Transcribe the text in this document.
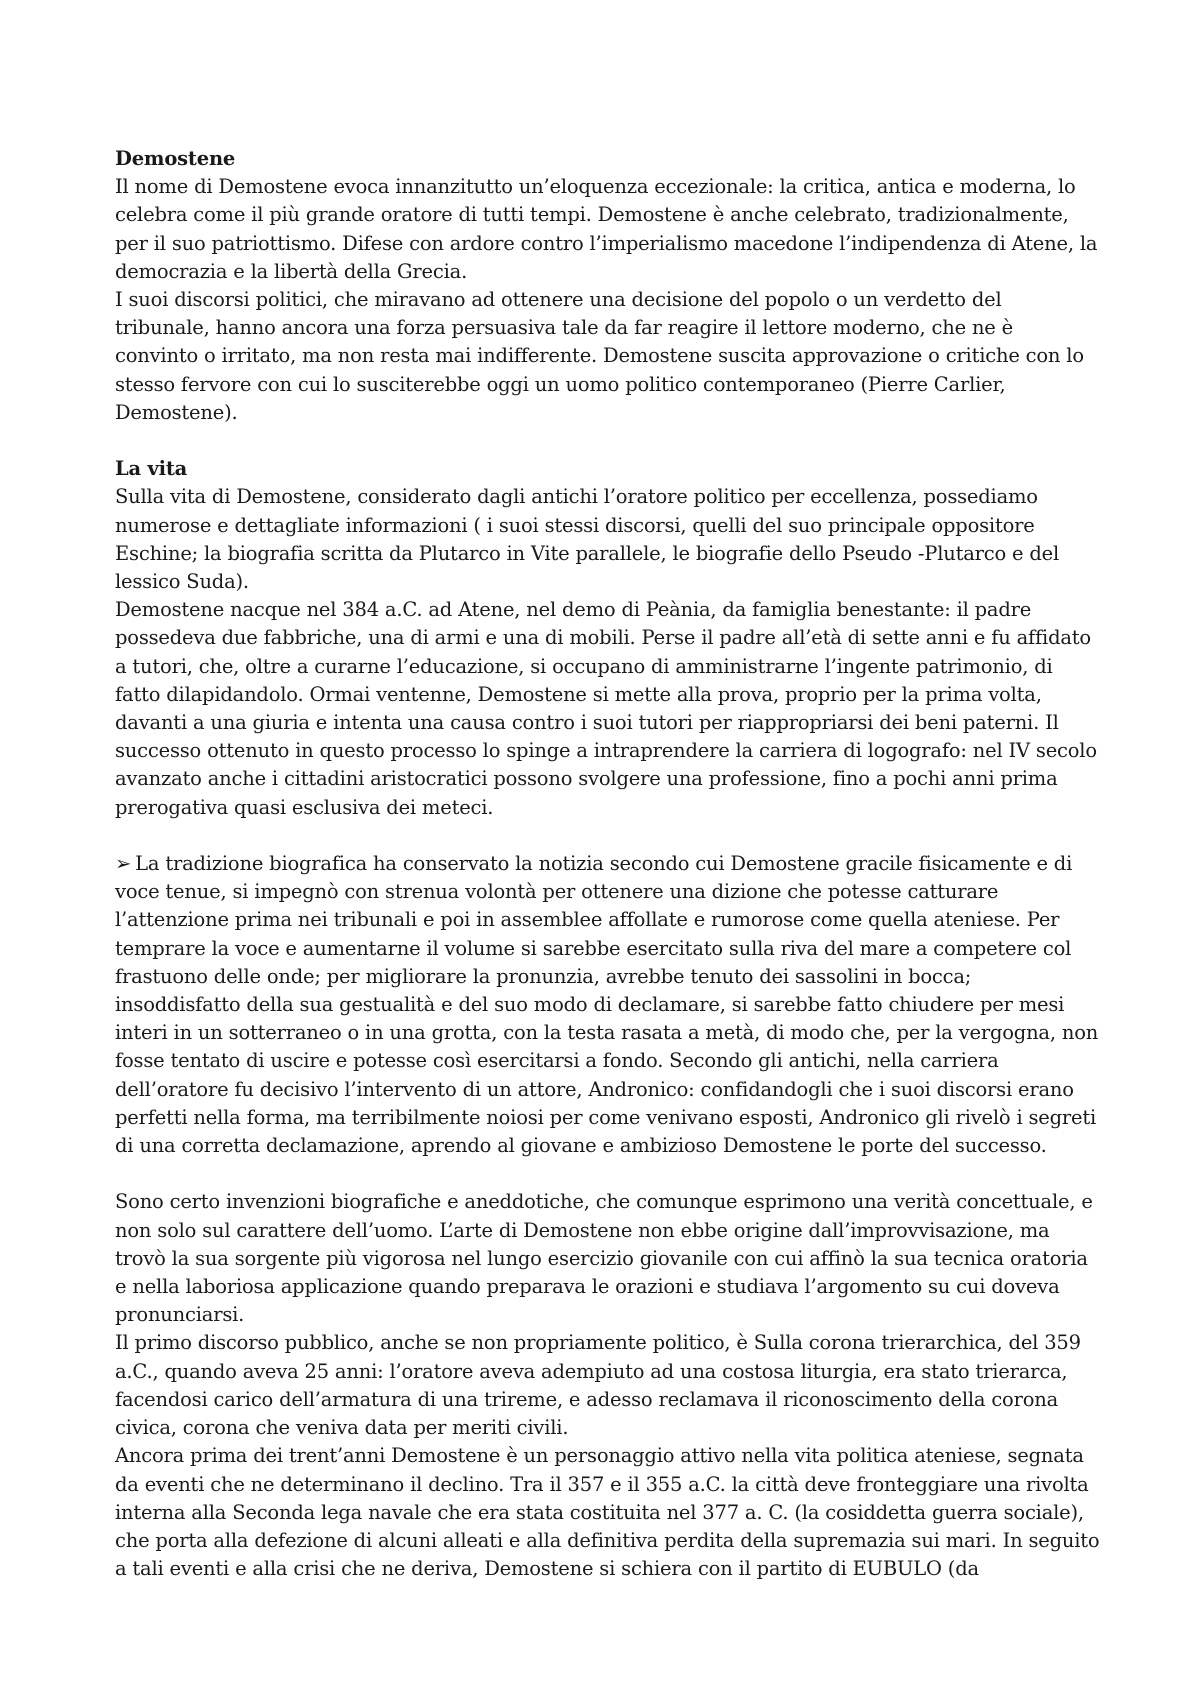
Demostene

Il nome di Demostene evoca innanzitutto un’eloquenza eccezionale: la critica, antica e moderna, lo celebra come il più grande oratore di tutti tempi. Demostene è anche celebrato, tradizionalmente, per il suo patriottismo. Difese con ardore contro l’imperialismo macedone l’indipendenza di Atene, la democrazia e la libertà della Grecia.

I suoi discorsi politici, che miravano ad ottenere una decisione del popolo o un verdetto del tribunale, hanno ancora una forza persuasiva tale da far reagire il lettore moderno, che ne è convinto o irritato, ma non resta mai indifferente. Demostene suscita approvazione o critiche con lo stesso fervore con cui lo susciterebbe oggi un uomo politico contemporaneo (Pierre Carlier, Demostene).

La vita

Sulla vita di Demostene, considerato dagli antichi l’oratore politico per eccellenza, possediamo numerose e dettagliate informazioni ( i suoi stessi discorsi, quelli del suo principale oppositore Eschine; la biografia scritta da Plutarco in Vite parallele, le biografie dello Pseudo -Plutarco e del lessico Suda).

Demostene nacque nel 384 a.C. ad Atene, nel demo di Peània, da famiglia benestante: il padre possedeva due fabbriche, una di armi e una di mobili. Perse il padre all’età di sette anni e fu affidato a tutori, che, oltre a curarne l’educazione, si occupano di amministrarne l’ingente patrimonio, di fatto dilapidandolo. Ormai ventenne, Demostene si mette alla prova, proprio per la prima volta, davanti a una giuria e intenta una causa contro i suoi tutori per riappropriarsi dei beni paterni. Il successo ottenuto in questo processo lo spinge a intraprendere la carriera di logografo: nel IV secolo avanzato anche i cittadini aristocratici possono svolgere una professione, fino a pochi anni prima prerogativa quasi esclusiva dei meteci.

➢ La tradizione biografica ha conservato la notizia secondo cui Demostene gracile fisicamente e di voce tenue, si impegnò con strenua volontà per ottenere una dizione che potesse catturare l’attenzione prima nei tribunali e poi in assemblee affollate e rumorose come quella ateniese. Per temprare la voce e aumentarne il volume si sarebbe esercitato sulla riva del mare a competere col frastuono delle onde; per migliorare la pronunzia, avrebbe tenuto dei sassolini in bocca; insoddisfatto della sua gestualità e del suo modo di declamare, si sarebbe fatto chiudere per mesi interi in un sotterraneo o in una grotta, con la testa rasata a metà, di modo che, per la vergogna, non fosse tentato di uscire e potesse così esercitarsi a fondo. Secondo gli antichi, nella carriera dell’oratore fu decisivo l’intervento di un attore, Andronico: confidandogli che i suoi discorsi erano perfetti nella forma, ma terribilmente noiosi per come venivano esposti, Andronico gli rivelò i segreti di una corretta declamazione, aprendo al giovane e ambizioso Demostene le porte del successo.

Sono certo invenzioni biografiche e aneddotiche, che comunque esprimono una verità concettuale, e non solo sul carattere dell’uomo. L’arte di Demostene non ebbe origine dall’improvvisazione, ma trovò la sua sorgente più vigorosa nel lungo esercizio giovanile con cui affinò la sua tecnica oratoria e nella laboriosa applicazione quando preparava le orazioni e studiava l’argomento su cui doveva pronunciarsi.

Il primo discorso pubblico, anche se non propriamente politico, è Sulla corona trierarchica, del 359 a.C., quando aveva 25 anni: l’oratore aveva adempiuto ad una costosa liturgia, era stato trierarca, facendosi carico dell’armatura di una trireme, e adesso reclamava il riconoscimento della corona civica, corona che veniva data per meriti civili.

Ancora prima dei trent’anni Demostene è un personaggio attivo nella vita politica ateniese, segnata da eventi che ne determinano il declino. Tra il 357 e il 355 a.C. la città deve fronteggiare una rivolta interna alla Seconda lega navale che era stata costituita nel 377 a. C. (la cosiddetta guerra sociale), che porta alla defezione di alcuni alleati e alla definitiva perdita della supremazia sui mari. In seguito a tali eventi e alla crisi che ne deriva, Demostene si schiera con il partito di EUBULO (da
